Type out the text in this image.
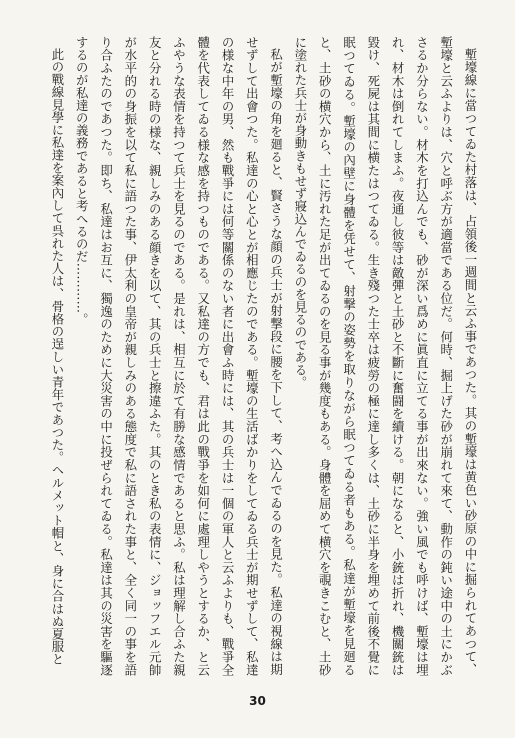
塹壕線に當つてゐた村落は、占領後一週間と云ふ事であつた。其の塹壕は黄色い砂原の中に掘られてあつて、塹壕と云ふよりは、穴と呼ぶ方が適當である位だ。何時、掘上げた砂が崩れて來て、動作の鈍い途中の土にかぶさるか分らない。材木を打込んでも、砂が深い爲めに眞直に立てる事が出來ない。強い風でも呼けば、塹壕は埋れ、材木は倒れてしまふ。夜通し彼等は敵彈と土砂と不斷に奮闘を續ける。朝になると、小銃は折れ、機關銃は毀け、死屍は其間に横たはつてゐる。生き殘つた士卒は疲勞の極に達し多くは、土砂に半身を埋めて前後不覺に眠つてゐる。塹壕の內壁に身體を凭せて、射撃の姿勢を取りながら眠つてゐる者もある。私達が塹壕を見廻ると、土砂の横穴から、土に汚れた足が出てゐるのを見る事が幾度もある。身體を屈めて横穴を覗きこむと、土砂に塗れた兵士が身動きもせず寢込んでゐるのを見るのである。

私が塹壕の角を廻ると、賢さうな顔の兵士が射撃段に腰を下して、考へ込んでゐるのを見た。私達の視線は期せずして出會つた。私達の心と心とが相應じたのである。塹壕の生活ばかりをしてゐる兵士が期せずして、私達の様な中年の男、然も戰爭には何等關係のない者に出會ふ時には、其の兵士は一個の軍人と云ふよりも、戰爭全體を代表してゐる様な感を持つものである。又私達の方でも、君は此の戰爭を如何に處理しやうとするか、と云ふやうな表情を持つて兵士を見るのである。是れは、相互に於て有勝な感情であると思ふ。私は理解し合ふた親友と分れる時の様な、親しみのある顔きを以て、其の兵士と擦違ふた。其のとき私の表情に、ジョッフエル元帥が水平的の身振を以て私に語つた事、伊太利の皇帝が親しみのある態度で私に語された事と、全く同一の事を語り合ふたのであつた。即ち、私達はお互に、獨逸のために大災害の中に投ぜられてゐる。私達は其の災害を驅逐するのが私達の義務であると考へるのだ…………。

此の戰線見學に私達を案內して呉れた人は、骨格の逞しい青年であつた。ヘルメット帽と、身に合はぬ夏服と

30
